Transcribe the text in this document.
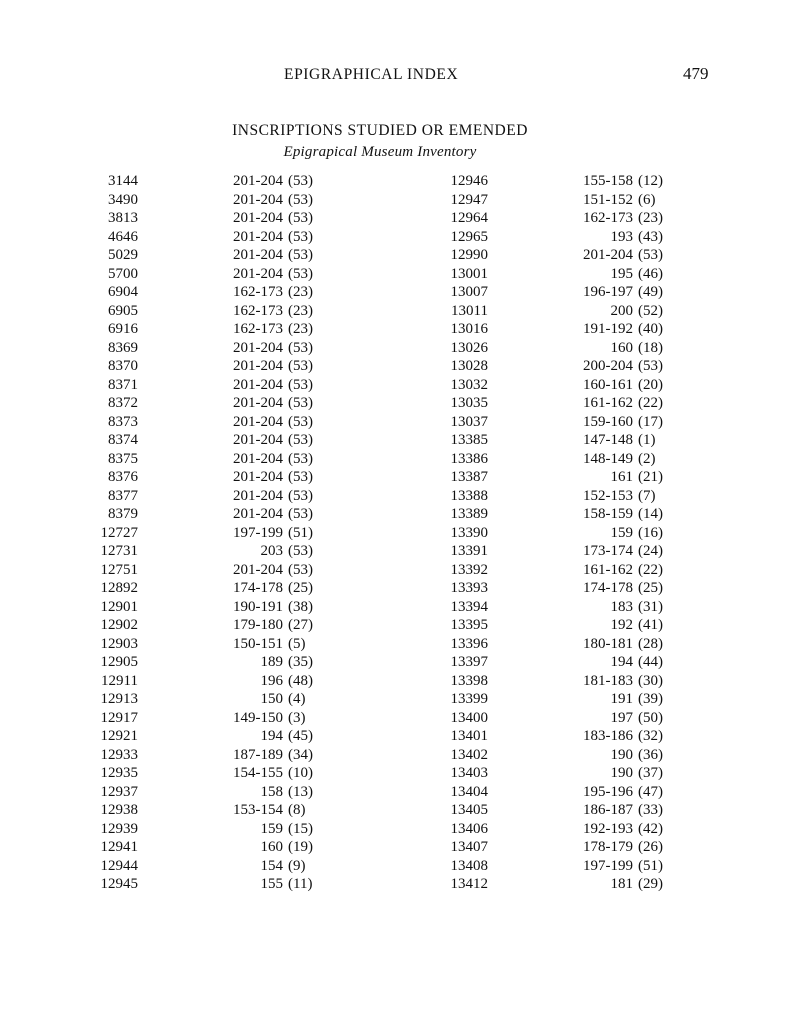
EPIGRAPHICAL INDEX	479
INSCRIPTIONS STUDIED OR EMENDED
Epigrapical Museum Inventory
3144	201-204 (53)
3490	201-204 (53)
3813	201-204 (53)
4646	201-204 (53)
5029	201-204 (53)
5700	201-204 (53)
6904	162-173 (23)
6905	162-173 (23)
6916	162-173 (23)
8369	201-204 (53)
8370	201-204 (53)
8371	201-204 (53)
8372	201-204 (53)
8373	201-204 (53)
8374	201-204 (53)
8375	201-204 (53)
8376	201-204 (53)
8377	201-204 (53)
8379	201-204 (53)
12727	197-199 (51)
12731	203 (53)
12751	201-204 (53)
12892	174-178 (25)
12901	190-191 (38)
12902	179-180 (27)
12903	150-151 (5)
12905	189 (35)
12911	196 (48)
12913	150 (4)
12917	149-150 (3)
12921	194 (45)
12933	187-189 (34)
12935	154-155 (10)
12937	158 (13)
12938	153-154 (8)
12939	159 (15)
12941	160 (19)
12944	154 (9)
12945	155 (11)
12946	155-158 (12)
12947	151-152 (6)
12964	162-173 (23)
12965	193 (43)
12990	201-204 (53)
13001	195 (46)
13007	196-197 (49)
13011	200 (52)
13016	191-192 (40)
13026	160 (18)
13028	200-204 (53)
13032	160-161 (20)
13035	161-162 (22)
13037	159-160 (17)
13385	147-148 (1)
13386	148-149 (2)
13387	161 (21)
13388	152-153 (7)
13389	158-159 (14)
13390	159 (16)
13391	173-174 (24)
13392	161-162 (22)
13393	174-178 (25)
13394	183 (31)
13395	192 (41)
13396	180-181 (28)
13397	194 (44)
13398	181-183 (30)
13399	191 (39)
13400	197 (50)
13401	183-186 (32)
13402	190 (36)
13403	190 (37)
13404	195-196 (47)
13405	186-187 (33)
13406	192-193 (42)
13407	178-179 (26)
13408	197-199 (51)
13412	181 (29)
